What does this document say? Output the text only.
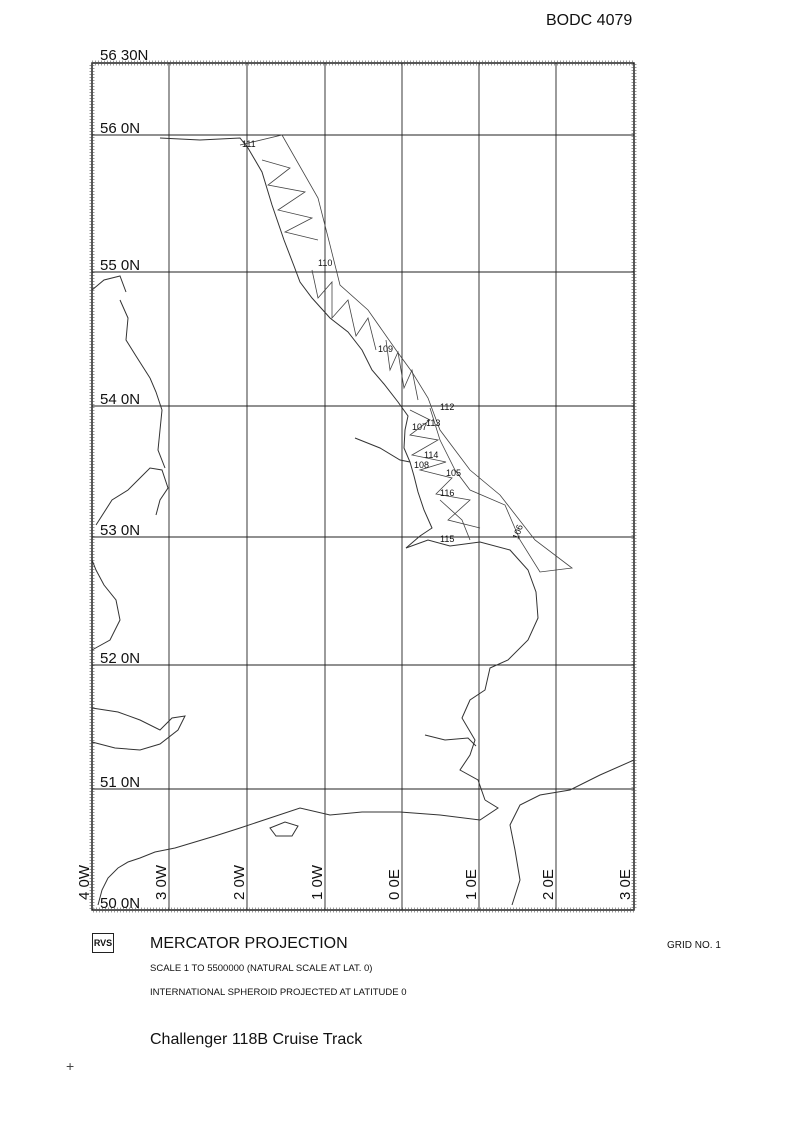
BODC 4079
111
110
109
112
113
107
114
108
105
116
115	106
56 30N
56 0N
55 0N
54 0N
53 0N
52 0N
51 0N
50 0N
4 0W	3 0W	2 0W	1 0W	0 0E	1 0E	2 0E	3 0E
RVS MERCATOR PROJECTION	GRID NO. 1
SCALE 1 TO 5500000 (NATURAL SCALE AT LAT. 0)
INTERNATIONAL SPHEROID PROJECTED AT LATITUDE 0
Challenger 118B Cruise Track
+
